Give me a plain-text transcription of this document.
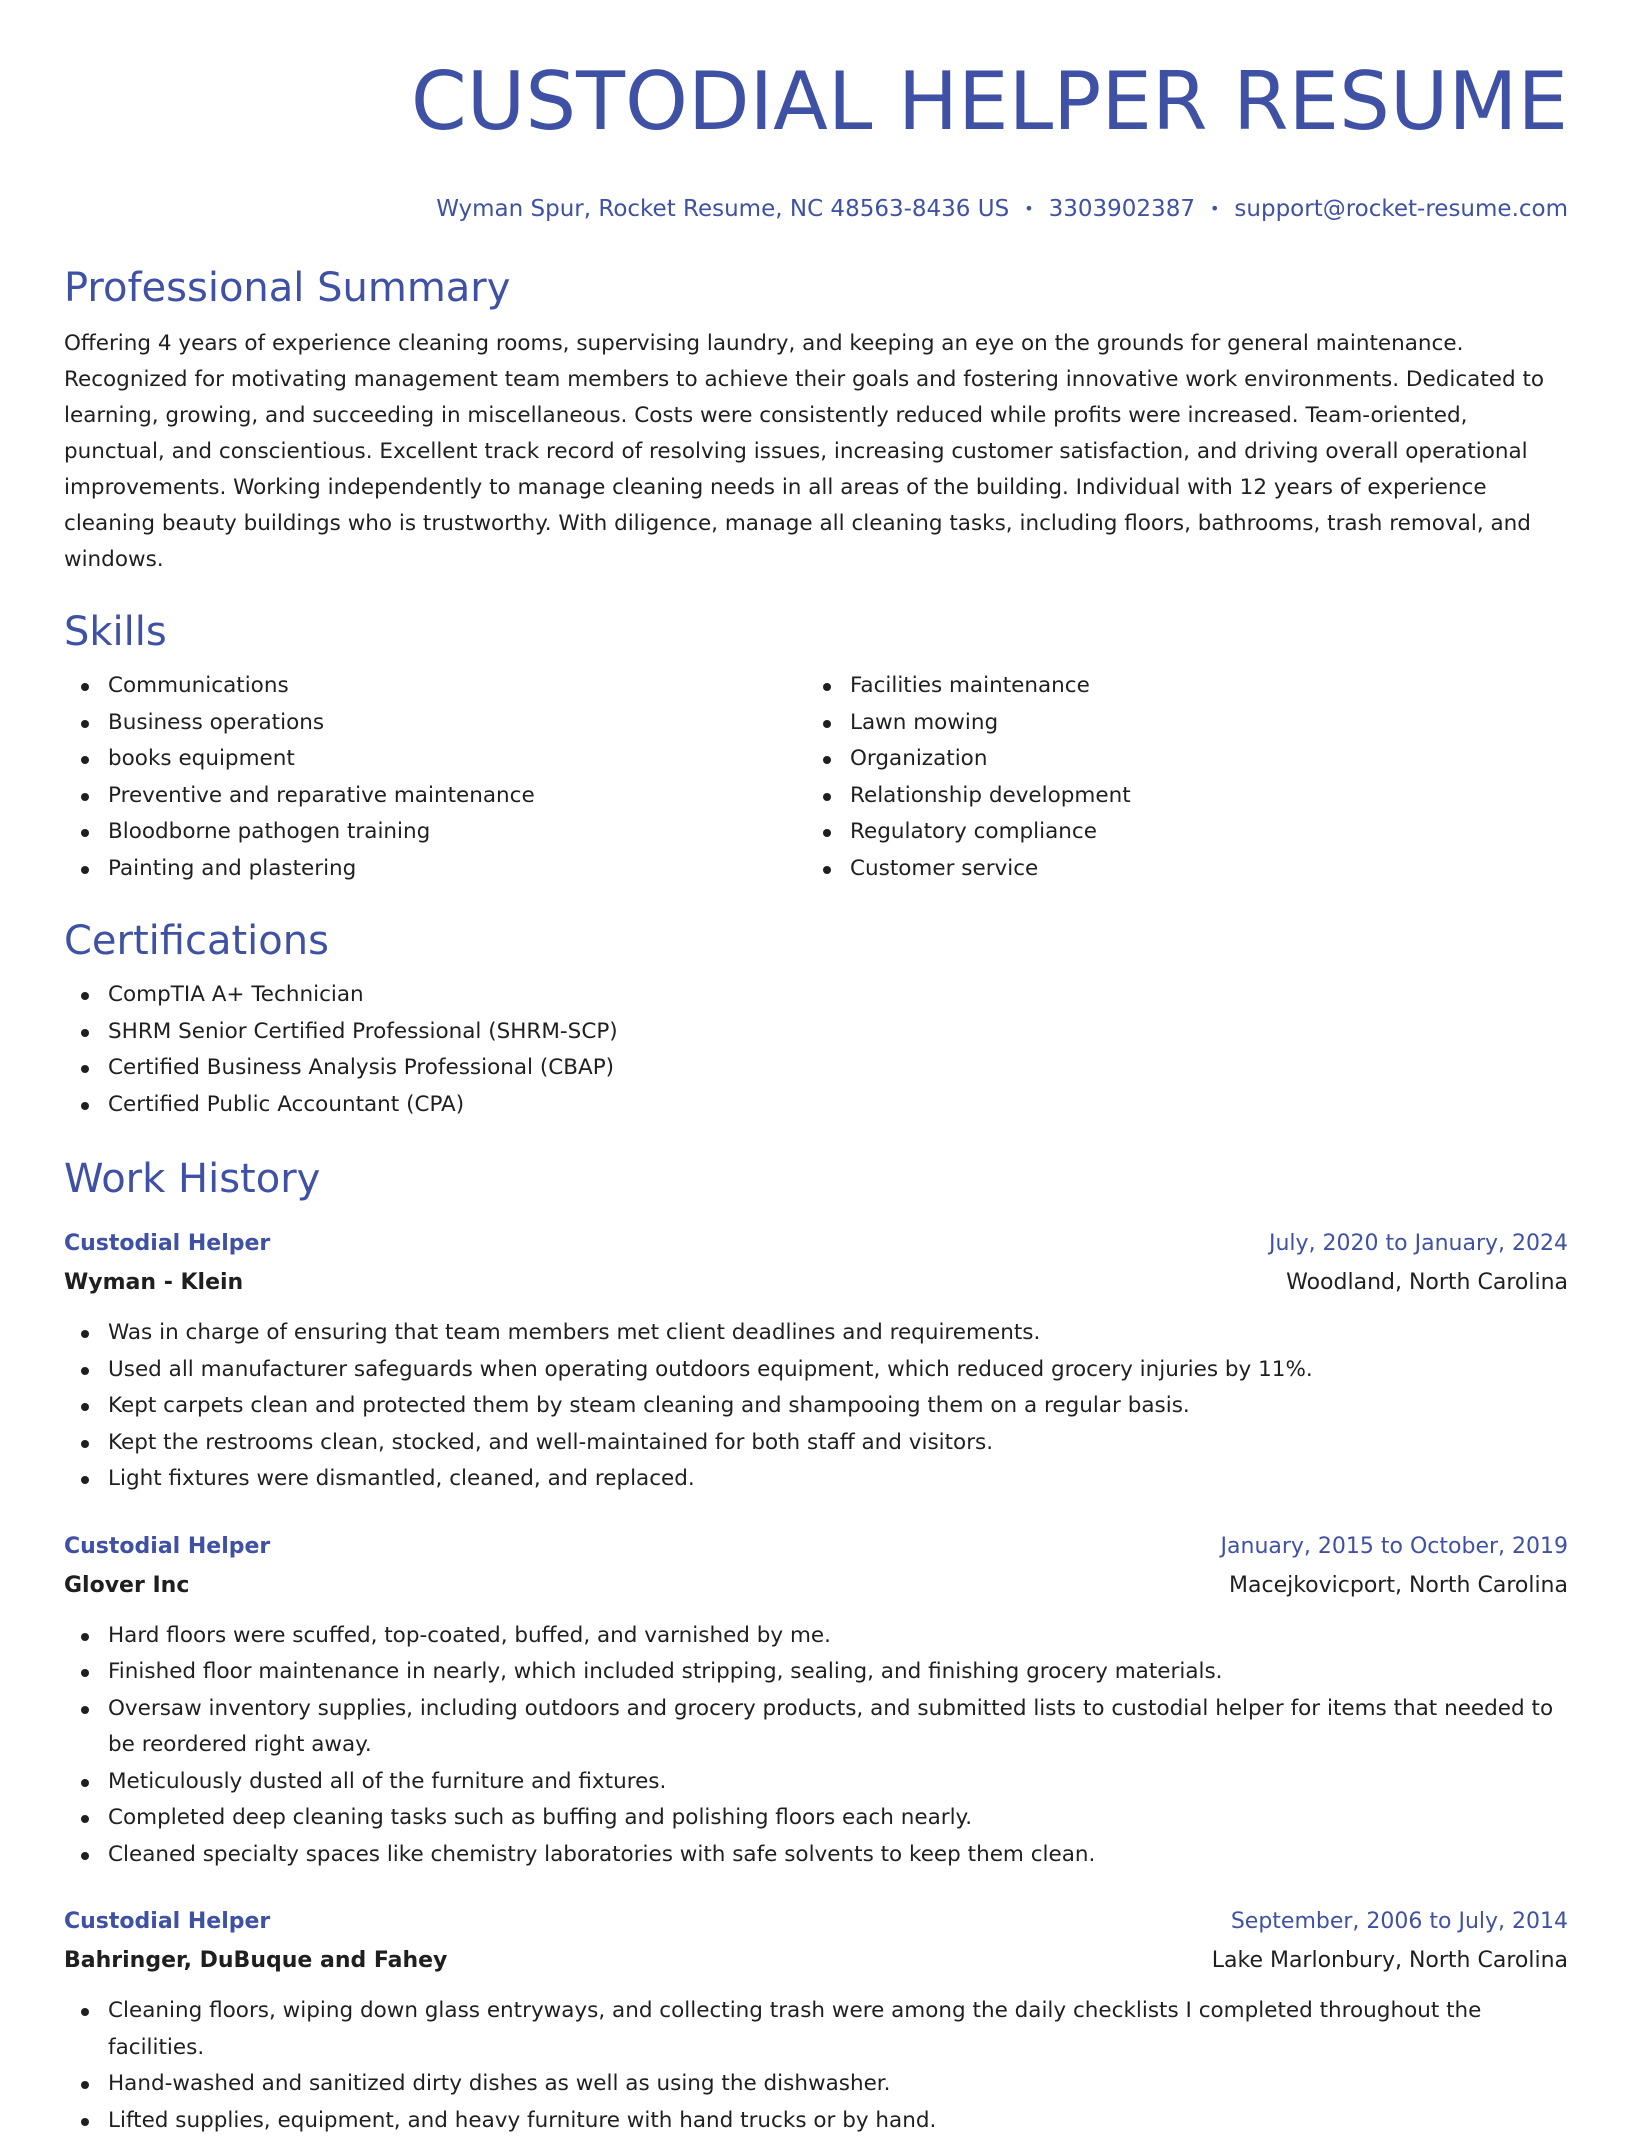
CUSTODIAL HELPER RESUME
Wyman Spur, Rocket Resume, NC 48563-8436 US • 3303902387 • support@rocket-resume.com
Professional Summary

Offering 4 years of experience cleaning rooms, supervising laundry, and keeping an eye on the grounds for general maintenance. Recognized for motivating management team members to achieve their goals and fostering innovative work environments. Dedicated to learning, growing, and succeeding in miscellaneous. Costs were consistently reduced while profits were increased. Team-oriented, punctual, and conscientious. Excellent track record of resolving issues, increasing customer satisfaction, and driving overall operational improvements. Working independently to manage cleaning needs in all areas of the building. Individual with 12 years of experience cleaning beauty buildings who is trustworthy. With diligence, manage all cleaning tasks, including floors, bathrooms, trash removal, and windows.

Skills
Communications
Business operations
books equipment
Preventive and reparative maintenance
Bloodborne pathogen training
Painting and plastering
Facilities maintenance
Lawn mowing
Organization
Relationship development
Regulatory compliance
Customer service
Certifications
CompTIA A+ Technician
SHRM Senior Certified Professional (SHRM-SCP)
Certified Business Analysis Professional (CBAP)
Certified Public Accountant (CPA)
Work History
Custodial Helper	July, 2020 to January, 2024
Wyman - Klein	Woodland, North Carolina
Was in charge of ensuring that team members met client deadlines and requirements.
Used all manufacturer safeguards when operating outdoors equipment, which reduced grocery injuries by 11%.
Kept carpets clean and protected them by steam cleaning and shampooing them on a regular basis.
Kept the restrooms clean, stocked, and well-maintained for both staff and visitors.
Light fixtures were dismantled, cleaned, and replaced.
Custodial Helper	January, 2015 to October, 2019
Glover Inc	Macejkovicport, North Carolina
Hard floors were scuffed, top-coated, buffed, and varnished by me.
Finished floor maintenance in nearly, which included stripping, sealing, and finishing grocery materials.
Oversaw inventory supplies, including outdoors and grocery products, and submitted lists to custodial helper for items that needed to be reordered right away.
Meticulously dusted all of the furniture and fixtures.
Completed deep cleaning tasks such as buffing and polishing floors each nearly.
Cleaned specialty spaces like chemistry laboratories with safe solvents to keep them clean.
Custodial Helper	September, 2006 to July, 2014
Bahringer, DuBuque and Fahey	Lake Marlonbury, North Carolina
Cleaning floors, wiping down glass entryways, and collecting trash were among the daily checklists I completed throughout the facilities.
Hand-washed and sanitized dirty dishes as well as using the dishwasher.
Lifted supplies, equipment, and heavy furniture with hand trucks or by hand.
